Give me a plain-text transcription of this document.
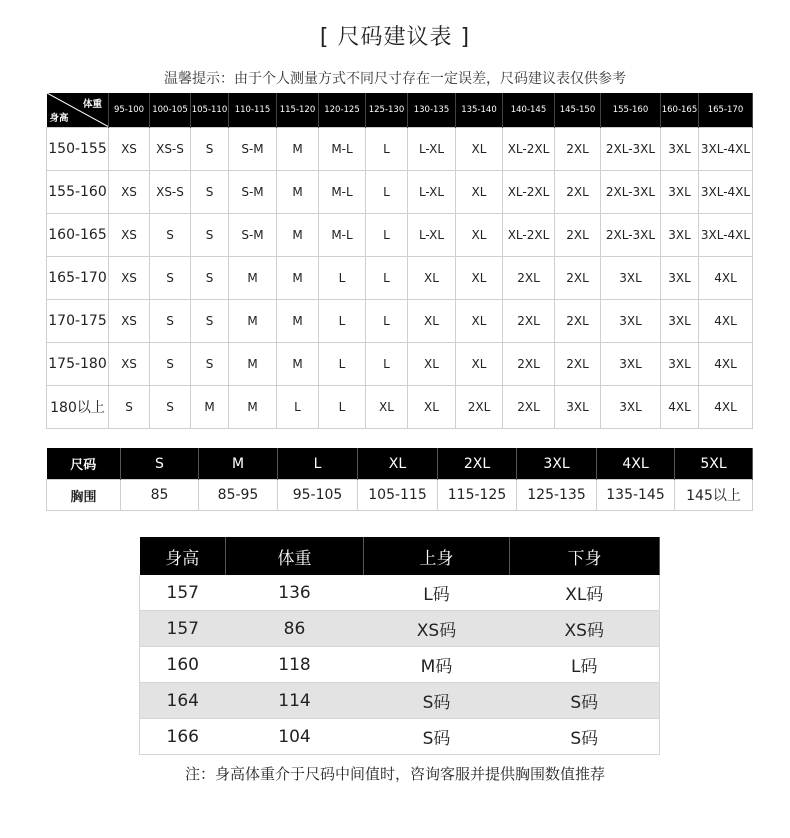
[ 尺码建议表 ]
温馨提示：由于个人测量方式不同尺寸存在一定误差，尺码建议表仅供参考
体重
身高	95-100	100-105	105-110	110-115	115-120	120-125	125-130	130-135	135-140	140-145	145-150	155-160	160-165	165-170
150-155	XS	XS-S	S	S-M	M	M-L	L	L-XL	XL	XL-2XL	2XL	2XL-3XL	3XL	3XL-4XL
155-160	XS	XS-S	S	S-M	M	M-L	L	L-XL	XL	XL-2XL	2XL	2XL-3XL	3XL	3XL-4XL
160-165	XS	S	S	S-M	M	M-L	L	L-XL	XL	XL-2XL	2XL	2XL-3XL	3XL	3XL-4XL
165-170	XS	S	S	M	M	L	L	XL	XL	2XL	2XL	3XL	3XL	4XL
170-175	XS	S	S	M	M	L	L	XL	XL	2XL	2XL	3XL	3XL	4XL
175-180	XS	S	S	M	M	L	L	XL	XL	2XL	2XL	3XL	3XL	4XL
180以上	S	S	M	M	L	L	XL	XL	2XL	2XL	3XL	3XL	4XL	4XL
尺码	S	M	L	XL	2XL	3XL	4XL	5XL
胸围	85	85-95	95-105	105-115	115-125	125-135	135-145	145以上
身高	体重	上身	下身
157	136	L码	XL码
157	86	XS码	XS码
160	118	M码	L码
164	114	S码	S码
166	104	S码	S码
注：身高体重介于尺码中间值时，咨询客服并提供胸围数值推荐
